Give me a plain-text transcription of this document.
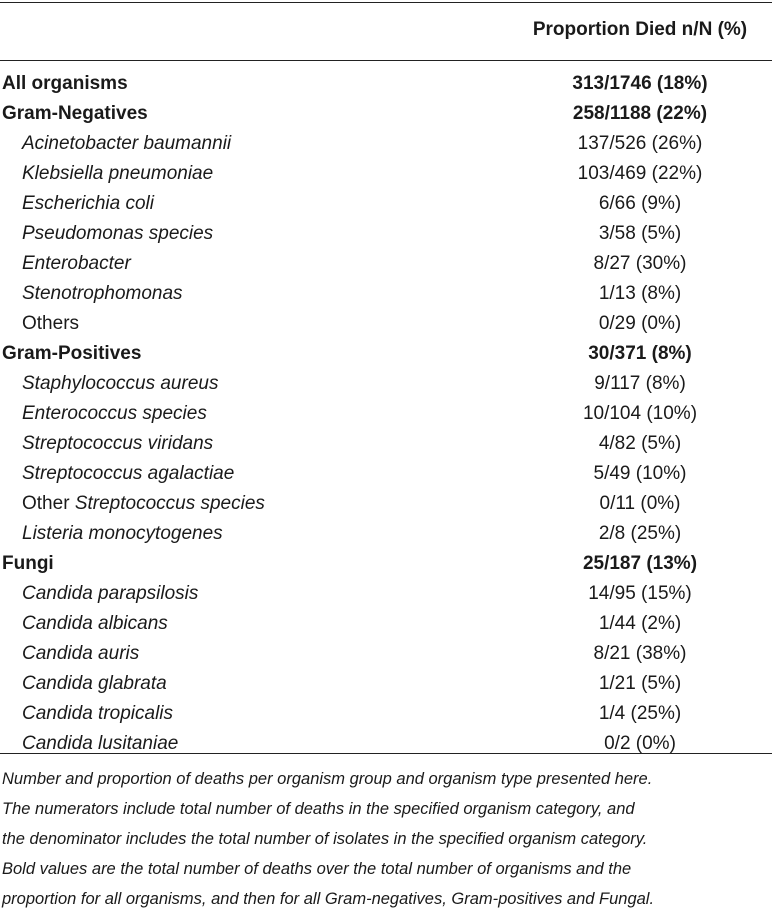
Proportion Died n/N (%)
All organisms	313/1746 (18%)
Gram-Negatives	258/1188 (22%)
Acinetobacter baumannii	137/526 (26%)
Klebsiella pneumoniae	103/469 (22%)
Escherichia coli	6/66 (9%)
Pseudomonas species	3/58 (5%)
Enterobacter	8/27 (30%)
Stenotrophomonas	1/13 (8%)
Others	0/29 (0%)
Gram-Positives	30/371 (8%)
Staphylococcus aureus	9/117 (8%)
Enterococcus species	10/104 (10%)
Streptococcus viridans	4/82 (5%)
Streptococcus agalactiae	5/49 (10%)
Other Streptococcus species	0/11 (0%)
Listeria monocytogenes	2/8 (25%)
Fungi	25/187 (13%)
Candida parapsilosis	14/95 (15%)
Candida albicans	1/44 (2%)
Candida auris	8/21 (38%)
Candida glabrata	1/21 (5%)
Candida tropicalis	1/4 (25%)
Candida lusitaniae	0/2 (0%)
Number and proportion of deaths per organism group and organism type presented here.
The numerators include total number of deaths in the specified organism category, and
the denominator includes the total number of isolates in the specified organism category.
Bold values are the total number of deaths over the total number of organisms and the
proportion for all organisms, and then for all Gram-negatives, Gram-positives and Fungal.
